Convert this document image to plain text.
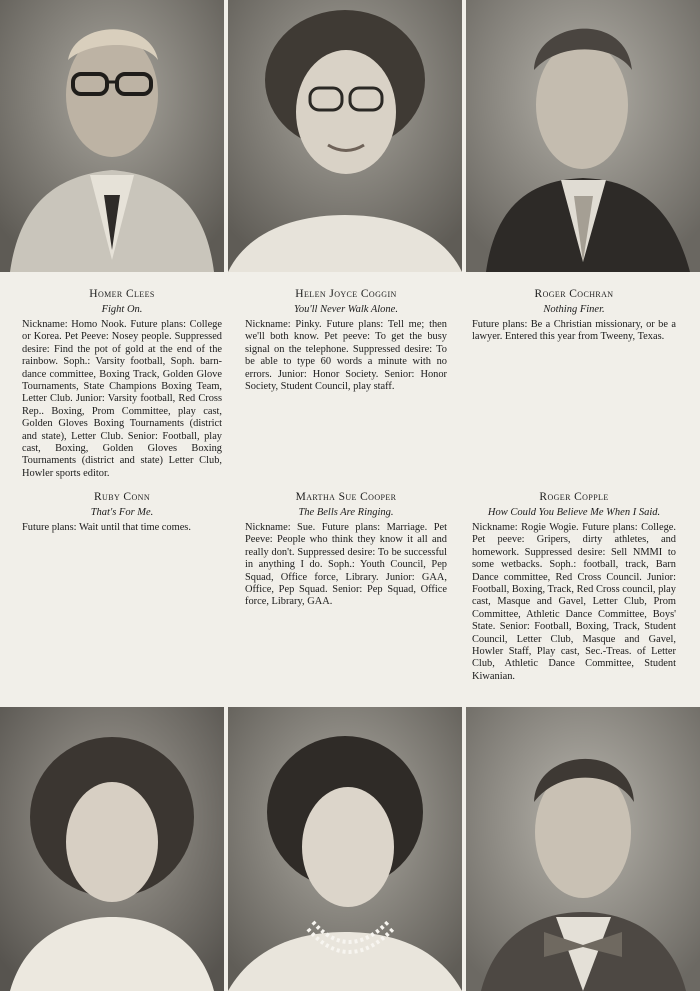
Homer Clees

Fight On.

Nickname: Homo Nook. Future plans: College or Korea. Pet Peeve: Nosey people. Suppressed desire: Find the pot of gold at the end of the rainbow. Soph.: Varsity football, Soph. barn-dance committee, Boxing Track, Golden Glove Tournaments, State Champions Boxing Team, Letter Club. Junior: Varsity football, Red Cross Rep.. Boxing, Prom Committee, play cast, Golden Gloves Boxing Tournaments (district and state), Letter Club. Senior: Football, play cast, Boxing, Golden Gloves Boxing Tournaments (district and state) Letter Club, Howler sports editor.

Helen Joyce Coggin

You'll Never Walk Alone.

Nickname: Pinky. Future plans: Tell me; then we'll both know. Pet peeve: To get the busy signal on the telephone. Suppressed desire: To be able to type 60 words a minute with no errors. Junior: Honor Society. Senior: Honor Society, Student Council, play staff.

Roger Cochran

Nothing Finer.

Future plans: Be a Christian missionary, or be a lawyer. Entered this year from Tweeny, Texas.

Ruby Conn

That's For Me.

Future plans: Wait until that time comes.

Martha Sue Cooper

The Bells Are Ringing.

Nickname: Sue. Future plans: Marriage. Pet Peeve: People who think they know it all and really don't. Suppressed desire: To be successful in anything I do. Soph.: Youth Council, Pep Squad, Office force, Library. Junior: GAA, Office, Pep Squad. Senior: Pep Squad, Office force, Library, GAA.

Roger Copple

How Could You Believe Me When I Said.

Nickname: Rogie Wogie. Future plans: College. Pet peeve: Gripers, dirty athletes, and homework. Suppressed desire: Sell NMMI to some wetbacks. Soph.: football, track, Barn Dance committee, Red Cross Council. Junior: Football, Boxing, Track, Red Cross council, play cast, Masque and Gavel, Letter Club, Prom Committee, Athletic Dance Committee, Boys' State. Senior: Football, Boxing, Track, Student Council, Letter Club, Masque and Gavel, Howler Staff, Play cast, Sec.-Treas. of Letter Club, Athletic Dance Committee, Student Kiwanian.
